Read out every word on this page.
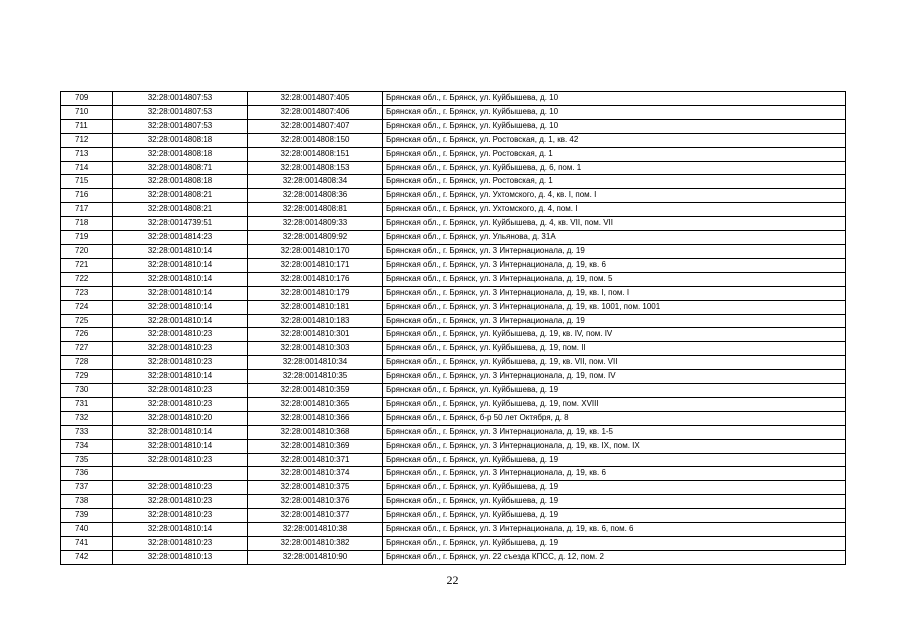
709	32:28:0014807:53	32:28:0014807:405	Брянская обл., г. Брянск, ул. Куйбышева, д. 10
710	32:28:0014807:53	32:28:0014807:406	Брянская обл., г. Брянск, ул. Куйбышева, д. 10
711	32:28:0014807:53	32:28:0014807:407	Брянская обл., г. Брянск, ул. Куйбышева, д. 10
712	32:28:0014808:18	32:28:0014808:150	Брянская обл., г. Брянск, ул. Ростовская, д. 1, кв. 42
713	32:28:0014808:18	32:28:0014808:151	Брянская обл., г. Брянск, ул. Ростовская, д. 1
714	32:28:0014808:71	32:28:0014808:153	Брянская обл., г. Брянск, ул. Куйбышева, д. 6, пом. 1
715	32:28:0014808:18	32:28:0014808:34	Брянская обл., г. Брянск, ул. Ростовская, д. 1
716	32:28:0014808:21	32:28:0014808:36	Брянская обл., г. Брянск, ул. Ухтомского, д. 4, кв. I, пом. I
717	32:28:0014808:21	32:28:0014808:81	Брянская обл., г. Брянск, ул. Ухтомского, д. 4, пом. I
718	32:28:0014739:51	32:28:0014809:33	Брянская обл., г. Брянск, ул. Куйбышева, д. 4, кв. VII, пом. VII
719	32:28:0014814:23	32:28:0014809:92	Брянская обл., г. Брянск, ул. Ульянова, д. 31А
720	32:28:0014810:14	32:28:0014810:170	Брянская обл., г. Брянск, ул. 3 Интернационала, д. 19
721	32:28:0014810:14	32:28:0014810:171	Брянская обл., г. Брянск, ул. 3 Интернационала, д. 19, кв. 6
722	32:28:0014810:14	32:28:0014810:176	Брянская обл., г. Брянск, ул. 3 Интернационала, д. 19, пом. 5
723	32:28:0014810:14	32:28:0014810:179	Брянская обл., г. Брянск, ул. 3 Интернационала, д. 19, кв. I, пом. I
724	32:28:0014810:14	32:28:0014810:181	Брянская обл., г. Брянск, ул. 3 Интернационала, д. 19, кв. 1001, пом. 1001
725	32:28:0014810:14	32:28:0014810:183	Брянская обл., г. Брянск, ул. 3 Интернационала, д. 19
726	32:28:0014810:23	32:28:0014810:301	Брянская обл., г. Брянск, ул. Куйбышева, д. 19, кв. IV, пом. IV
727	32:28:0014810:23	32:28:0014810:303	Брянская обл., г. Брянск, ул. Куйбышева, д. 19, пом. II
728	32:28:0014810:23	32:28:0014810:34	Брянская обл., г. Брянск, ул. Куйбышева, д. 19, кв. VII, пом. VII
729	32:28:0014810:14	32:28:0014810:35	Брянская обл., г. Брянск, ул. 3 Интернационала, д. 19, пом. IV
730	32:28:0014810:23	32:28:0014810:359	Брянская обл., г. Брянск, ул. Куйбышева, д. 19
731	32:28:0014810:23	32:28:0014810:365	Брянская обл., г. Брянск, ул. Куйбышева, д. 19, пом. XVIII
732	32:28:0014810:20	32:28:0014810:366	Брянская обл., г. Брянск, б-р 50 лет Октября, д. 8
733	32:28:0014810:14	32:28:0014810:368	Брянская обл., г. Брянск, ул. 3 Интернационала, д. 19, кв. 1-5
734	32:28:0014810:14	32:28:0014810:369	Брянская обл., г. Брянск, ул. 3 Интернационала, д. 19, кв. IX, пом. IX
735	32:28:0014810:23	32:28:0014810:371	Брянская обл., г. Брянск, ул. Куйбышева, д. 19
736		32:28:0014810:374	Брянская обл., г. Брянск, ул. 3 Интернационала, д. 19, кв. 6
737	32:28:0014810:23	32:28:0014810:375	Брянская обл., г. Брянск, ул. Куйбышева, д. 19
738	32:28:0014810:23	32:28:0014810:376	Брянская обл., г. Брянск, ул. Куйбышева, д. 19
739	32:28:0014810:23	32:28:0014810:377	Брянская обл., г. Брянск, ул. Куйбышева, д. 19
740	32:28:0014810:14	32:28:0014810:38	Брянская обл., г. Брянск, ул. 3 Интернационала, д. 19, кв. 6, пом. 6
741	32:28:0014810:23	32:28:0014810:382	Брянская обл., г. Брянск, ул. Куйбышева, д. 19
742	32:28:0014810:13	32:28:0014810:90	Брянская обл., г. Брянск, ул. 22 съезда КПСС, д. 12, пом. 2
22
